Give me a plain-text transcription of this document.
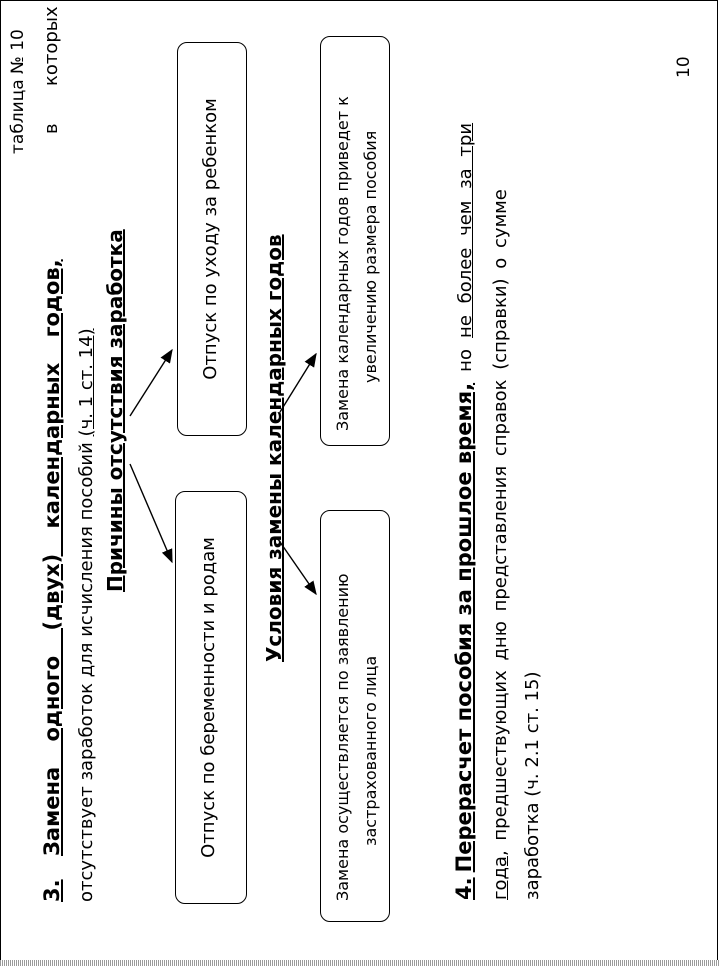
таблица № 10
3.
Замена одного (двух) календарных годов,
в
которых
отсутствует заработок для исчисления пособий (ч. 1 ст. 14) Причины отсутствия заработка
Отпуск по беременности и родам
Отпуск по уходу за ребенком Условия замены календарных годов
Замена осуществляется по заявлению застрахованного лица
Замена календарных годов приведет к увеличению размера пособия
4. Перерасчет пособия за прошлое время, но не более чем за три
года, предшествующих дню представления справок (справки) о сумме заработка (ч. 2.1 ст. 15)
10
